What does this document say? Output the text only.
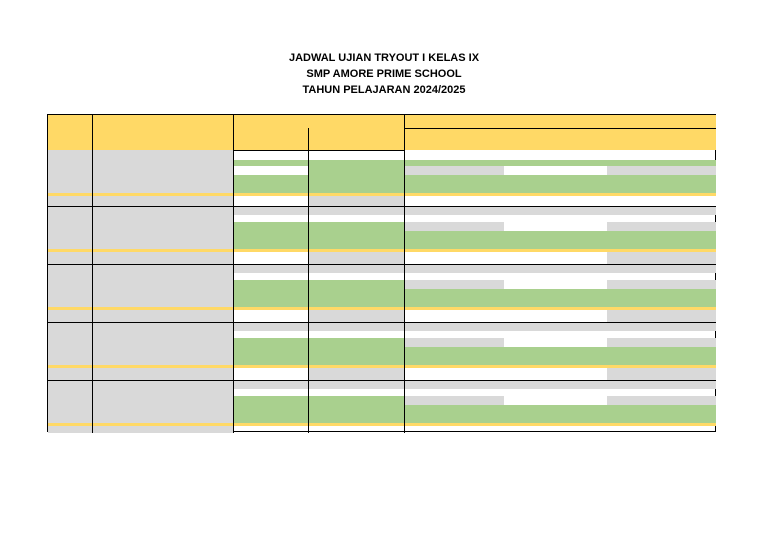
JADWAL UJIAN TRYOUT I KELAS IX
SMP AMORE PRIME SCHOOL
TAHUN PELAJARAN 2024/2025
